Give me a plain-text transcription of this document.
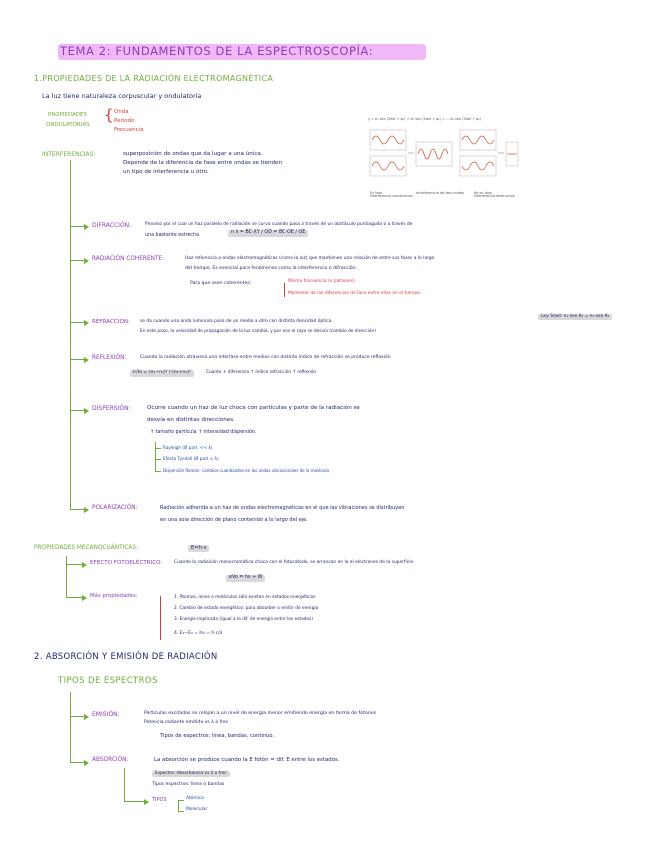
TEMA 2: FUNDAMENTOS DE LA ESPECTROSCOPÍA:
1.PROPIEDADES DE LA RADIACIÓN ELECTROMAGNÉTICA
La luz tiene naturaleza corpuscular y ondulatoria
PROPIEDADES
ONDULATORIAS
{ Onda
Periodo
Frecuencia
INTERFERENCIAS:	superposición de ondas que da lugar a una única.
Depende de la diferencia de fase entre ondas se tienden
un tipo de interferencia u otro.
y = A₁ sen (2πνt + φ₁) + A₂ sen (2πνt + φ₂) = ... A₃ sen (2πνt + φ₃)
En fase
Interferencia constructiva
Interferencia de dos ondas	No en fase
Interferencia destructiva
DIFRACCIÓN:	Proceso por el cual un haz paralelo de radiación se curva cuando pasa a través de un obstáculo puntiagudo o a través de
una bastante estrecha
n λ = BC·XY / OD = BC·OE / OE
RADIACIÓN COHERENTE:	Haz referencia a ondas electromagnéticas (como la luz) que mantienen una relación de entre sus fases a lo largo
del tiempo. Es esencial para fenómenos como la interferencia o difracción.
Para que sean coherentes:	Misma frecuencia (o patrones)
Mantener de las diferencias de fase entre ellas en el tiempo
REFRACCIÓN: se da cuando una onda luminosa pasa de un medio a otro con distinta densidad óptica.
En este paso, la velocidad de propagación de la luz cambia, y por eso el rayo se desvía (cambio de dirección)
Ley Snell: n₁·sen θ₁ = n₂·sen θ₂
REFLEXIÓN:	Cuando la radiación atraviesa una interfase entre medios con distinto índice de refracción se produce reflexión
Ir/Io = (n₂−n₁)² / (n₂+n₁)²	Cuanto + diferencia ↑ índice refracción ↑ reflexión
DISPERSIÓN:	Ocurre cuando un haz de luz choca con partículas y parte de la radiación se
desvía en distintas direcciones.
↑ tamaño partícula ↑ intensidad dispersión.
Rayleigh (Ø part. << λ)
Efecto Tyndall (Ø part ≈ λ)
Dispersión Raman: cambios cuantizados en las ondas vibracionales de la molécula
POLARIZACIÓN:	Radiación adherida a un haz de ondas electromagnéticas en el que las vibraciones se distribuyen
en una sola dirección de plano contenido a lo largo del eje.
PROPIEDADES MECANOCUÁNTICAS:	E=h·ν
EFECTO FOTOELÉCTRICO:	Cuando la radiación monocromática choca con el fotocátodo, se arrancan en la el electrones de la superficie.
eVo = hν + W
Más propiedades:	1. Átomos, iones o moléculas sólo existen en estados energéticos
2. Cambio de estado energético: para absorber o emitir de energía
3. Energía implicada (igual a la dif. de energía entre los estados)
4. E₁−E₀ = hν = h·c/λ
2. ABSORCIÓN Y EMISIÓN DE RADIACIÓN
TIPOS DE ESPECTROS
EMISIÓN:	Partículas excitadas se relajan a un nivel de energía menor emitiendo energía en forma de fotones
Potencia radiante emitida vs λ ó frec
Tipos de espectros: línea, bandas, continuo.
ABSORCIÓN:	La absorción se produce cuando la E fotón = dif. E entre los estados.
Espectro: Absorbancia vs λ o frec
Tipos espectros: línea o bandas
TIPOS	Atómica
Molecular
